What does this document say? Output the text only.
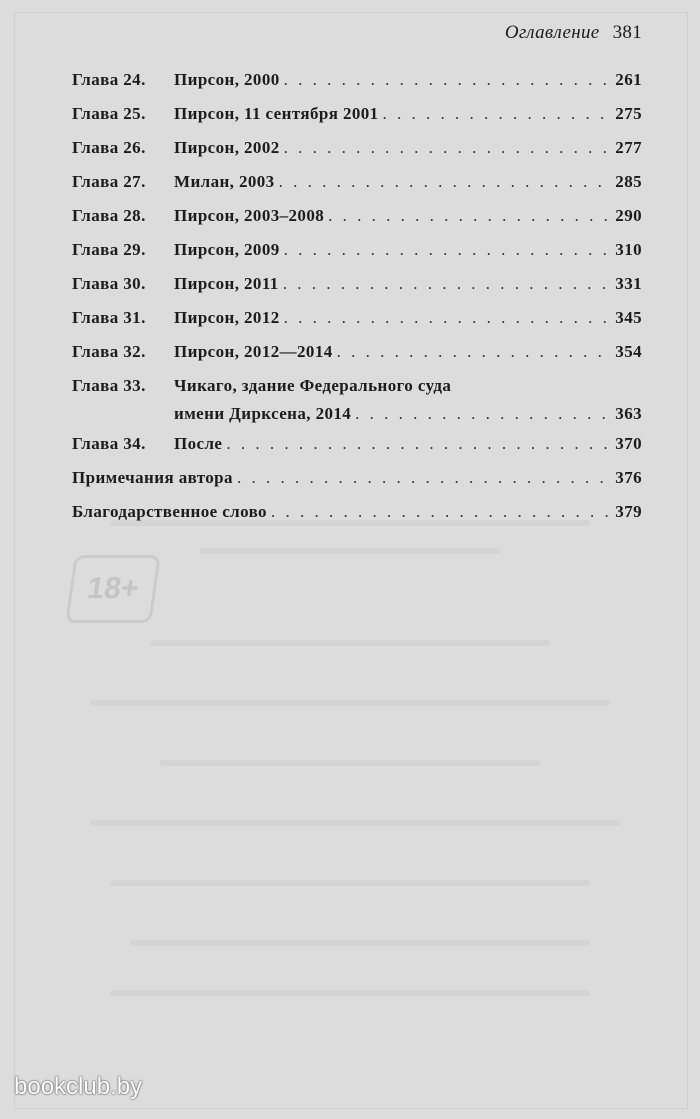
18+
Оглавление 381
Глава 24.	Пирсон, 2000 . . .	261
Глава 25.	Пирсон, 11 сентября 2001 . . .	275
Глава 26.	Пирсон, 2002 . . .	277
Глава 27.	Милан, 2003 . . .	285
Глава 28.	Пирсон, 2003–2008 . . .	290
Глава 29.	Пирсон, 2009 . . .	310
Глава 30.	Пирсон, 2011 . . .	331
Глава 31.	Пирсон, 2012 . . .	345
Глава 32.	Пирсон, 2012—2014 . . .	354
Глава 33.	Чикаго, здание Федерального суда
имени Дирксена, 2014 . . .	363
Глава 34.	После . . .	370
Примечания автора . . .	376
Благодарственное слово . . .	379
bookclub.by
